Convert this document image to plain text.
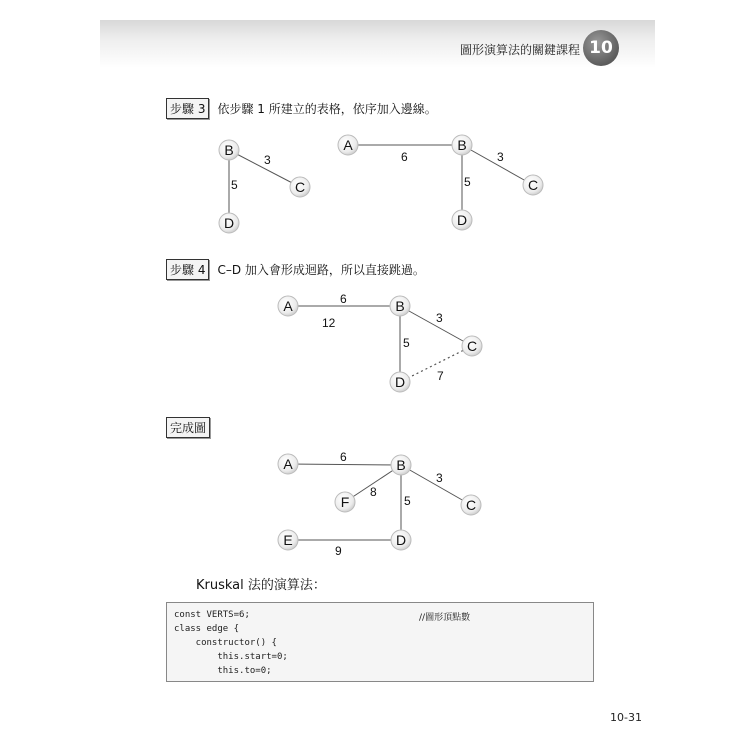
圖形演算法的關鍵課程 10
步驟 3	依步驟 1 所建立的表格，依序加入邊線。
步驟 4	C–D 加入會形成迴路，所以直接跳過。
完成圖
3
5
B
C
D
6	3
5
A	B
C
D
6
12	3
5
7
A	B
C
D
6
3
8
5
9
A	B
C
D
E
F
Kruskal 法的演算法：
const VERTS=6;	//圖形頂點數
class edge {
constructor() {
this.start=0;
this.to=0;
10-31
